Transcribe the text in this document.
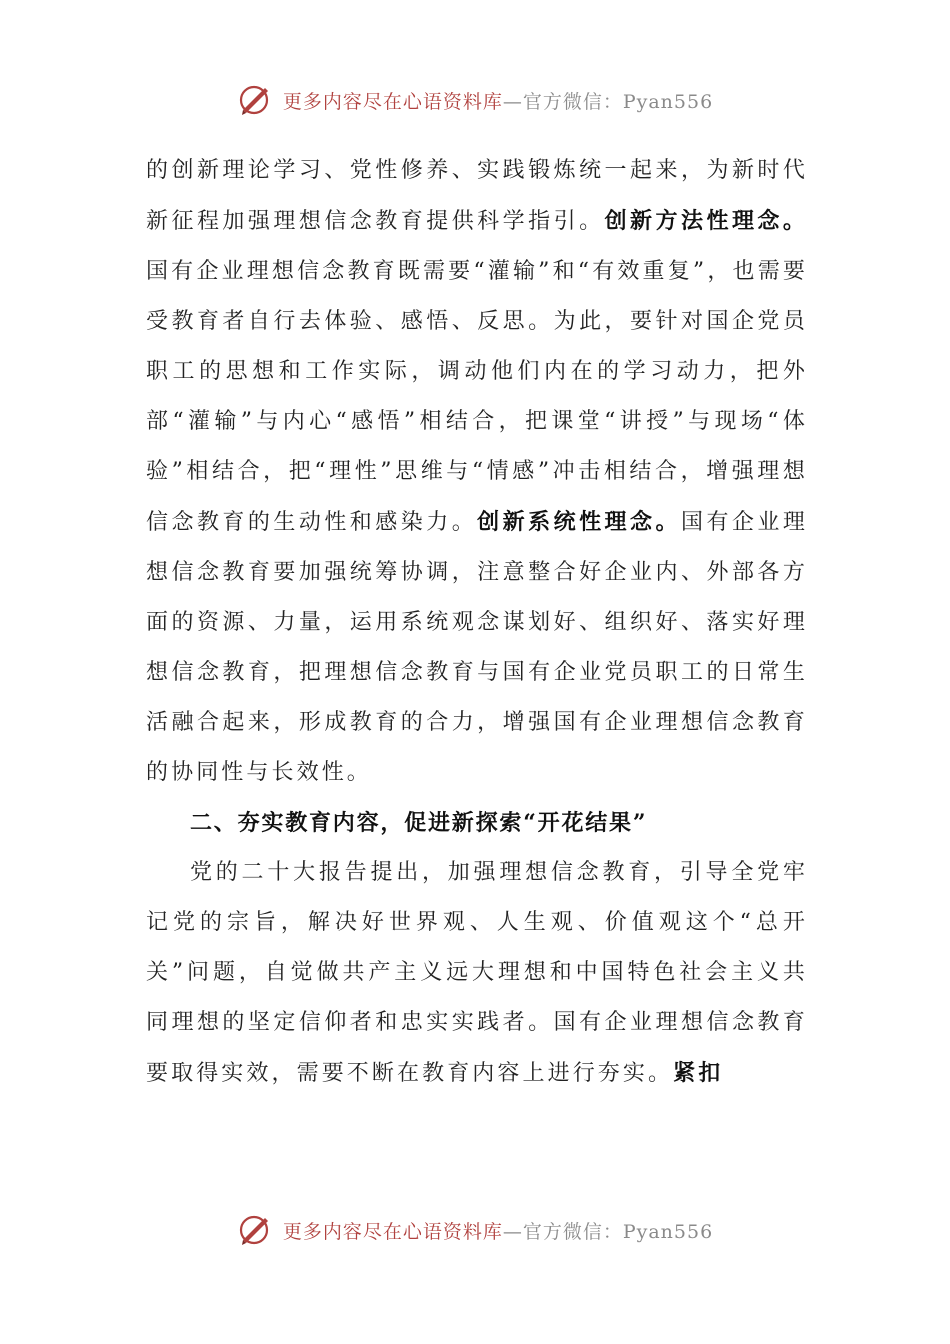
更多内容尽在心语资料库—官方微信：Pyan556

的创新理论学习、党性修养、实践锻炼统一起来，为新时代新征程加强理想信念教育提供科学指引。创新方法性理念。国有企业理想信念教育既需要“灌输”和“有效重复”，也需要受教育者自行去体验、感悟、反思。为此，要针对国企党员职工的思想和工作实际，调动他们内在的学习动力，把外部“灌输”与内心“感悟”相结合，把课堂“讲授”与现场“体验”相结合，把“理性”思维与“情感”冲击相结合，增强理想信念教育的生动性和感染力。创新系统性理念。国有企业理想信念教育要加强统筹协调，注意整合好企业内、外部各方面的资源、力量，运用系统观念谋划好、组织好、落实好理想信念教育，把理想信念教育与国有企业党员职工的日常生活融合起来，形成教育的合力，增强国有企业理想信念教育的协同性与长效性。

二、夯实教育内容，促进新探索“开花结果”

党的二十大报告提出，加强理想信念教育，引导全党牢记党的宗旨，解决好世界观、人生观、价值观这个“总开关”问题，自觉做共产主义远大理想和中国特色社会主义共同理想的坚定信仰者和忠实实践者。国有企业理想信念教育要取得实效，需要不断在教育内容上进行夯实。紧扣

更多内容尽在心语资料库—官方微信：Pyan556
